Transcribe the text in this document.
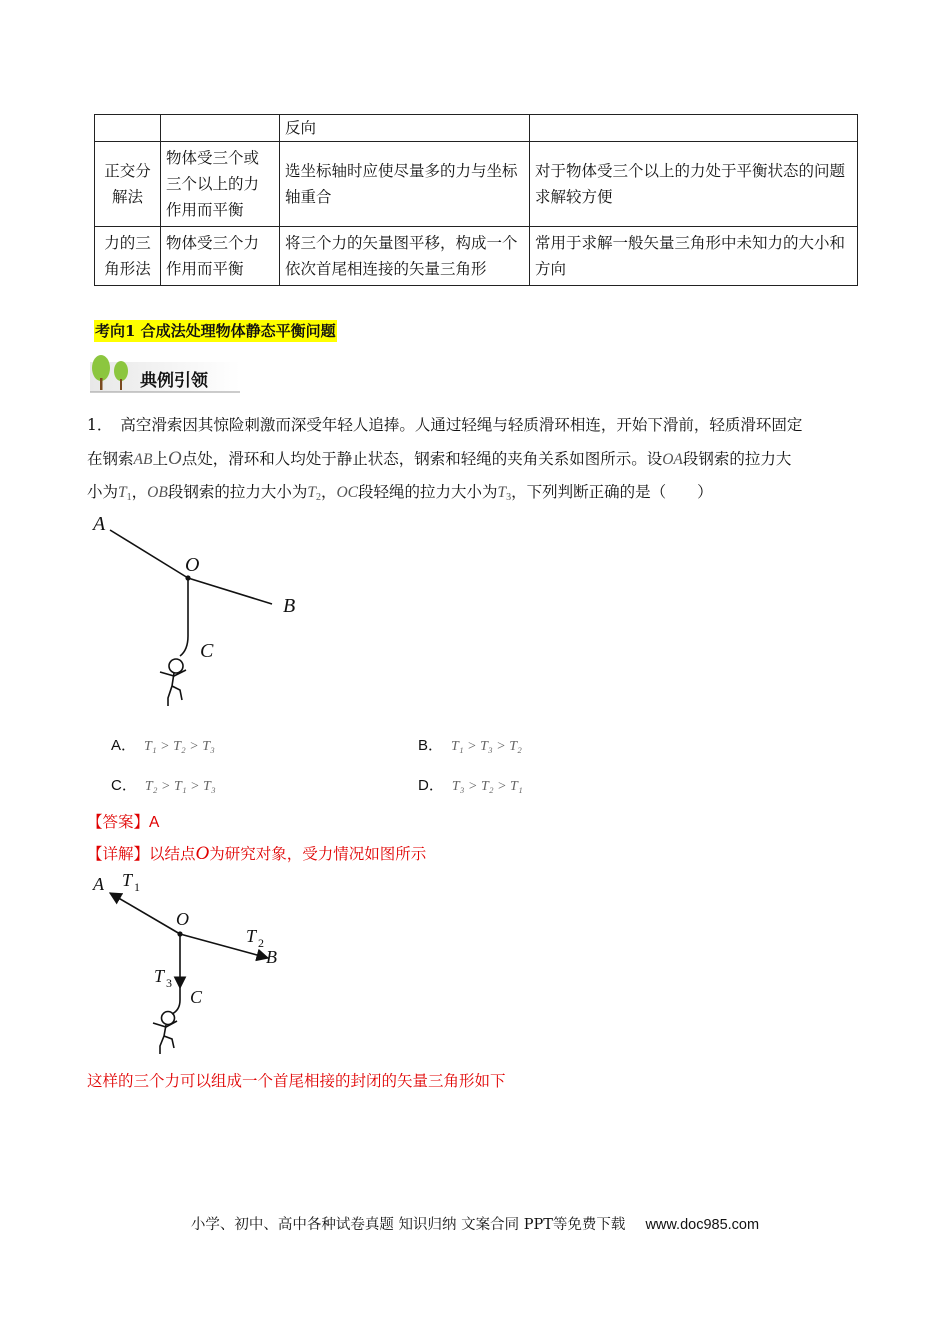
		反向	
正交分解法	物体受三个或三个以上的力作用而平衡	选坐标轴时应使尽量多的力与坐标轴重合	对于物体受三个以上的力处于平衡状态的问题求解较方便
力的三角形法	物体受三个力作用而平衡	将三个力的矢量图平移，构成一个依次首尾相连接的矢量三角形	常用于求解一般矢量三角形中未知力的大小和方向
考向1 合成法处理物体静态平衡问题
典例引领
1． 高空滑索因其惊险刺激而深受年轻人追捧。人通过轻绳与轻质滑环相连，开始下滑前，轻质滑环固定
在钢索AB上O点处，滑环和人均处于静止状态，钢索和轻绳的夹角关系如图所示。设OA段钢索的拉力大
小为T1，OB段钢索的拉力大小为T2，OC段轻绳的拉力大小为T3，下列判断正确的是（　　）
A
O
B
C
A． T₁ > T₂ > T₃	B． T₁ > T₃ > T₂
C． T₂ > T₁ > T₃	D． T₃ > T₂ > T₁
【答案】A
【详解】以结点O为研究对象，受力情况如图所示
A T 1
O
T 2
B
T 3
C
这样的三个力可以组成一个首尾相接的封闭的矢量三角形如下
小学、初中、高中各种试卷真题 知识归纳 文案合同 PPT等免费下载 www.doc985.com
